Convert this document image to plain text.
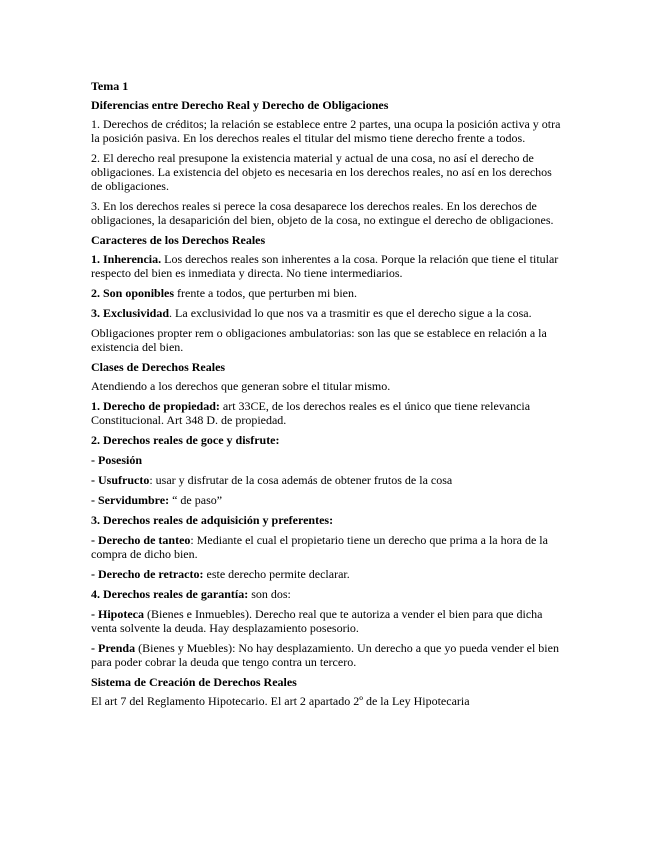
Tema 1

Diferencias entre Derecho Real y Derecho de Obligaciones

1. Derechos de créditos; la relación se establece entre 2 partes, una ocupa la posición activa y otra la posición pasiva. En los derechos reales el titular del mismo tiene derecho frente a todos.

2. El derecho real presupone la existencia material y actual de una cosa, no así el derecho de obligaciones. La existencia del objeto es necesaria en los derechos reales, no así en los derechos de obligaciones.

3. En los derechos reales si perece la cosa desaparece los derechos reales. En los derechos de obligaciones, la desaparición del bien, objeto de la cosa, no extingue el derecho de obligaciones.

Caracteres de los Derechos Reales

1. Inherencia. Los derechos reales son inherentes a la cosa. Porque la relación que tiene el titular respecto del bien es inmediata y directa. No tiene intermediarios.

2. Son oponibles frente a todos, que perturben mi bien.

3. Exclusividad. La exclusividad lo que nos va a trasmitir es que el derecho sigue a la cosa.

Obligaciones propter rem o obligaciones ambulatorias: son las que se establece en relación a la existencia del bien.

Clases de Derechos Reales

Atendiendo a los derechos que generan sobre el titular mismo.

1. Derecho de propiedad: art 33CE, de los derechos reales es el único que tiene relevancia Constitucional. Art 348 D. de propiedad.

2. Derechos reales de goce y disfrute:

- Posesión

- Usufructo: usar y disfrutar de la cosa además de obtener frutos de la cosa

- Servidumbre: “ de paso”

3. Derechos reales de adquisición y preferentes:

- Derecho de tanteo: Mediante el cual el propietario tiene un derecho que prima a la hora de la compra de dicho bien.

- Derecho de retracto: este derecho permite declarar.

4. Derechos reales de garantía: son dos:

- Hipoteca (Bienes e Inmuebles). Derecho real que te autoriza a vender el bien para que dicha venta solvente la deuda. Hay desplazamiento posesorio.

- Prenda (Bienes y Muebles): No hay desplazamiento. Un derecho a que yo pueda vender el bien para poder cobrar la deuda que tengo contra un tercero.

Sistema de Creación de Derechos Reales

El art 7 del Reglamento Hipotecario. El art 2 apartado 2º de la Ley Hipotecaria
